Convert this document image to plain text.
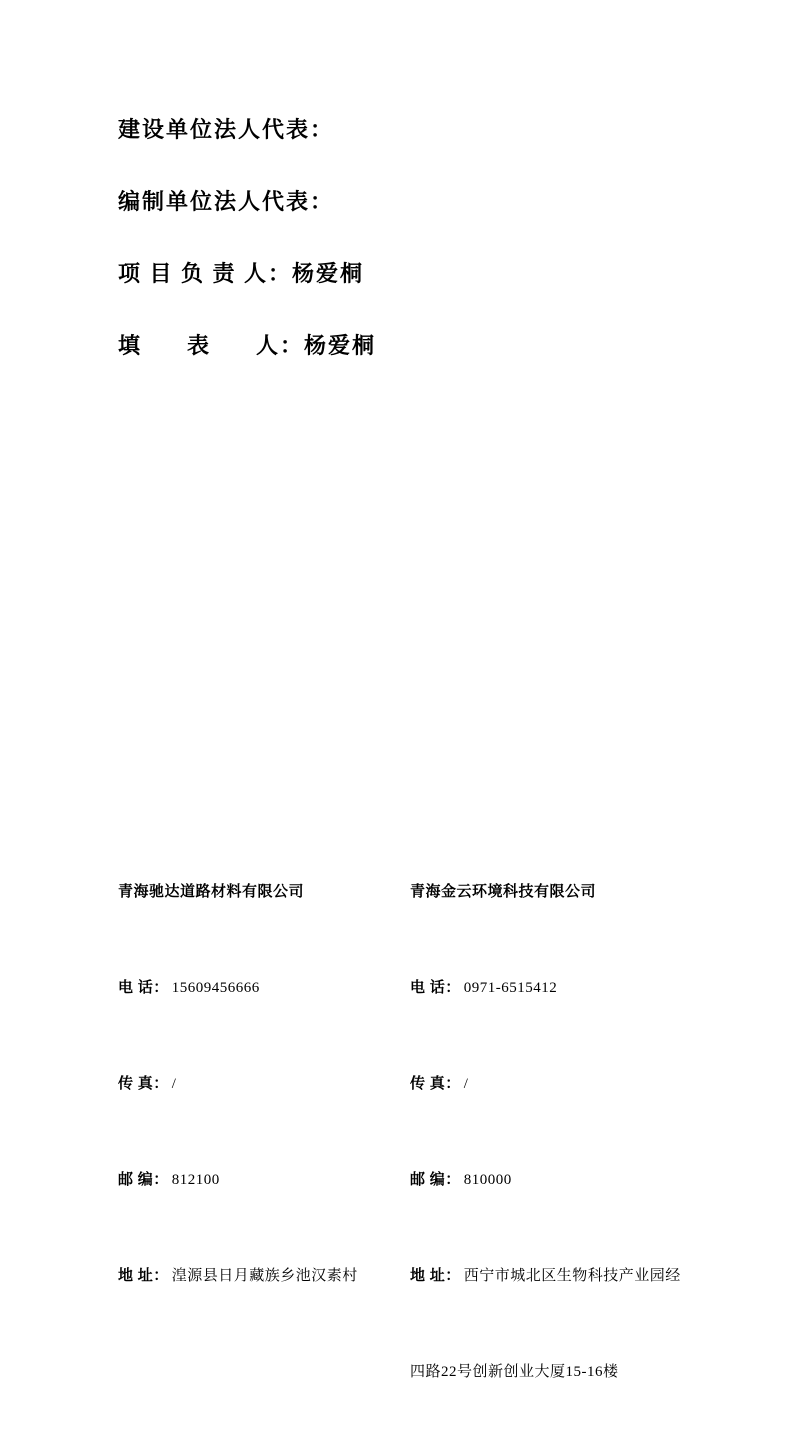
建设单位法人代表：
编制单位法人代表：
项 目 负 责 人：杨爱桐
填      表      人：杨爱桐

青海驰达道路材料有限公司

电 话： 15609456666

传 真： /

邮 编： 812100

地 址： 湟源县日月藏族乡池汉素村

青海金云环境科技有限公司

电 话： 0971-6515412

传 真： /

邮 编： 810000

地 址： 西宁市城北区生物科技产业园经

四路22号创新创业大厦15-16楼
